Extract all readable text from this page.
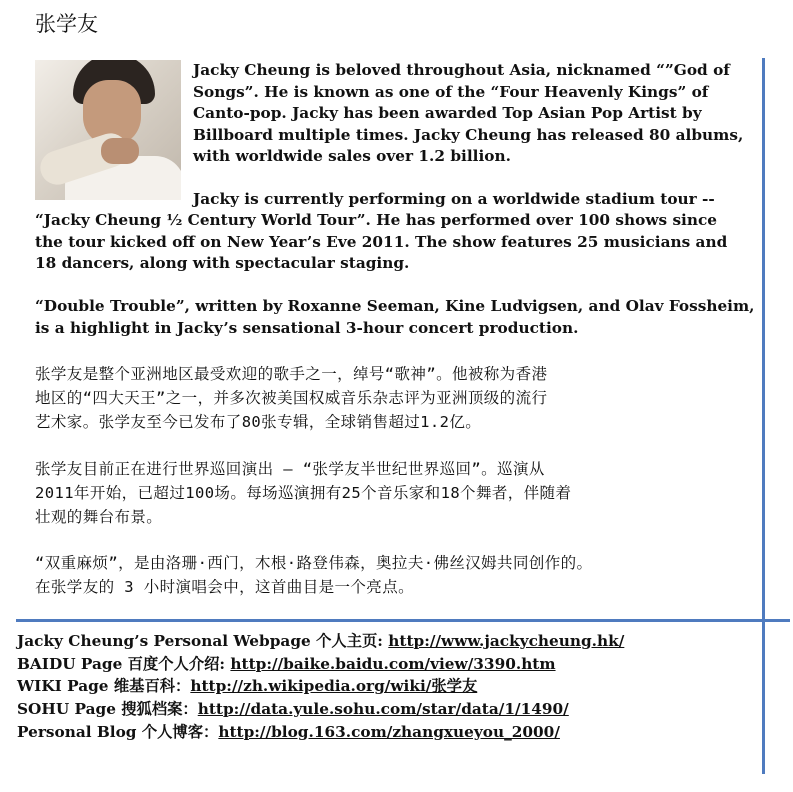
张学友
Jacky Cheung is beloved throughout Asia, nicknamed “”God of Songs”. He is known as one of the “Four Heavenly Kings” of Canto-pop. Jacky has been awarded Top Asian Pop Artist by Billboard multiple times. Jacky Cheung has released 80 albums, with worldwide sales over 1.2 billion.
Jacky is currently performing on a worldwide stadium tour --
“Jacky Cheung ½ Century World Tour”. He has performed over 100 shows since the tour kicked off on New Year’s Eve 2011. The show features 25 musicians and 18 dancers, along with spectacular staging.
“Double Trouble”, written by Roxanne Seeman, Kine Ludvigsen, and Olav Fossheim, is a highlight in Jacky’s sensational 3-hour concert production.
张学友是整个亚洲地区最受欢迎的歌手之一，绰号“歌神”。他被称为香港
地区的“四大天王”之一，并多次被美国权威音乐杂志评为亚洲顶级的流行
艺术家。张学友至今已发布了80张专辑，全球销售超过1.2亿。
张学友目前正在进行世界巡回演出 – “张学友半世纪世界巡回”。巡演从
2011年开始，已超过100场。每场巡演拥有25个音乐家和18个舞者，伴随着
壮观的舞台布景。
“双重麻烦”，是由洛珊·西门，木根·路登伟森，奥拉夫·佛丝汉姆共同创作的。
在张学友的 3 小时演唱会中，这首曲目是一个亮点。
Jacky Cheung’s Personal Webpage 个人主页: http://www.jackycheung.hk/
BAIDU Page 百度个人介绍: http://baike.baidu.com/view/3390.htm
WIKI Page 维基百科：http://zh.wikipedia.org/wiki/张学友
SOHU Page 搜狐档案：http://data.yule.sohu.com/star/data/1/1490/
Personal Blog 个人博客：http://blog.163.com/zhangxueyou_2000/
